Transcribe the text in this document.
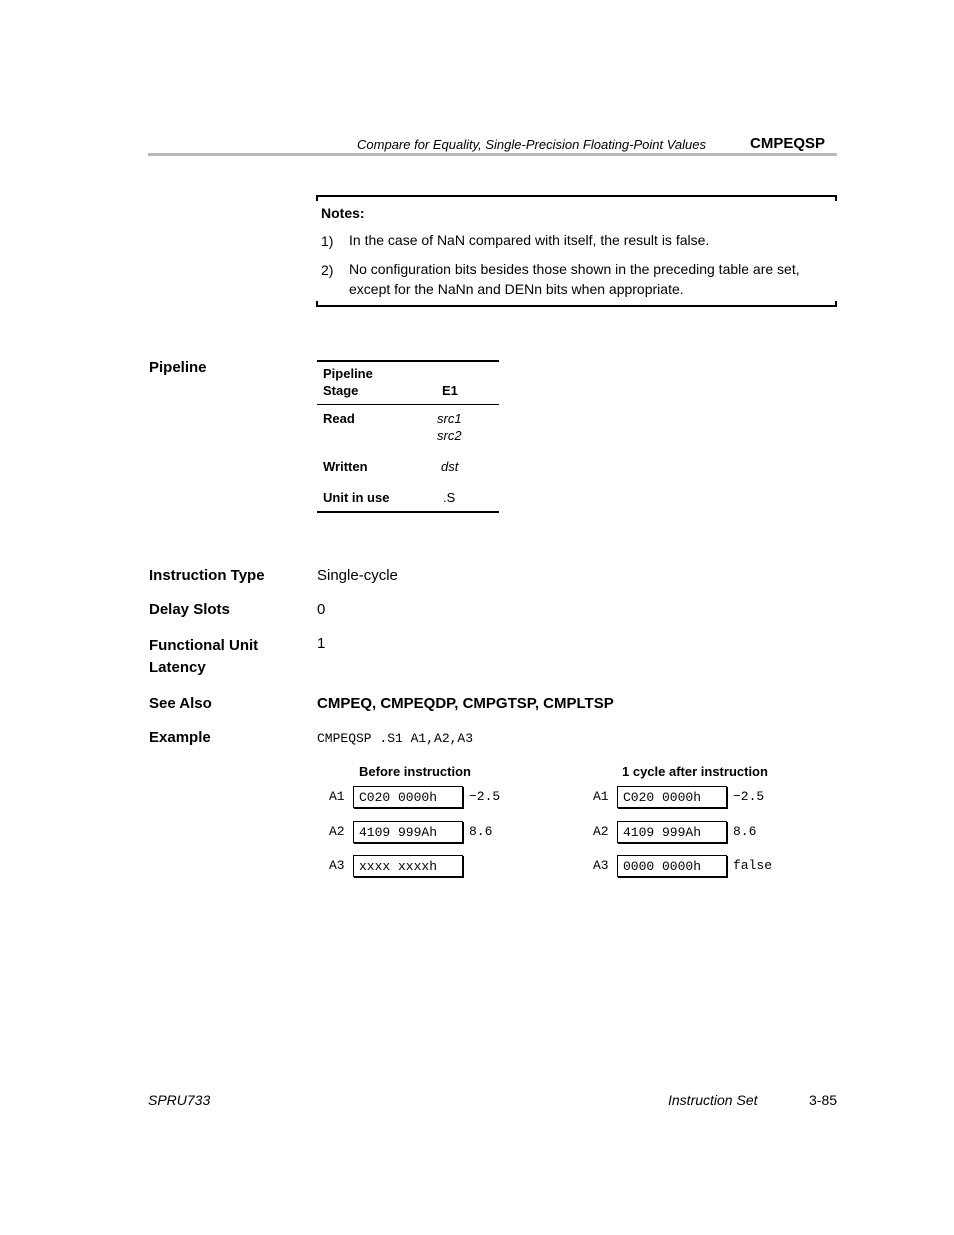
Compare for Equality, Single-Precision Floating-Point Values	CMPEQSP
Notes:
1) In the case of NaN compared with itself, the result is false.
2) No configuration bits besides those shown in the preceding table are set, except for the NaNn and DENn bits when appropriate.
Pipeline	Pipeline
Stage	E1
Read	src1
src2
Written	dst
Unit in use	.S
Instruction Type	Single-cycle
Delay Slots	0
Functional Unit
Latency
1
See Also	CMPEQ, CMPEQDP, CMPGTSP, CMPLTSP
Example	CMPEQSP .S1 A1,A2,A3
Before instruction
A1	C020 0000h	−2.5
A2	4109 999Ah	8.6
A3	xxxx xxxxh
1 cycle after instruction
A1	C020 0000h	−2.5
A2	4109 999Ah	8.6
A3	0000 0000h	false
SPRU733	Instruction Set	3-85
